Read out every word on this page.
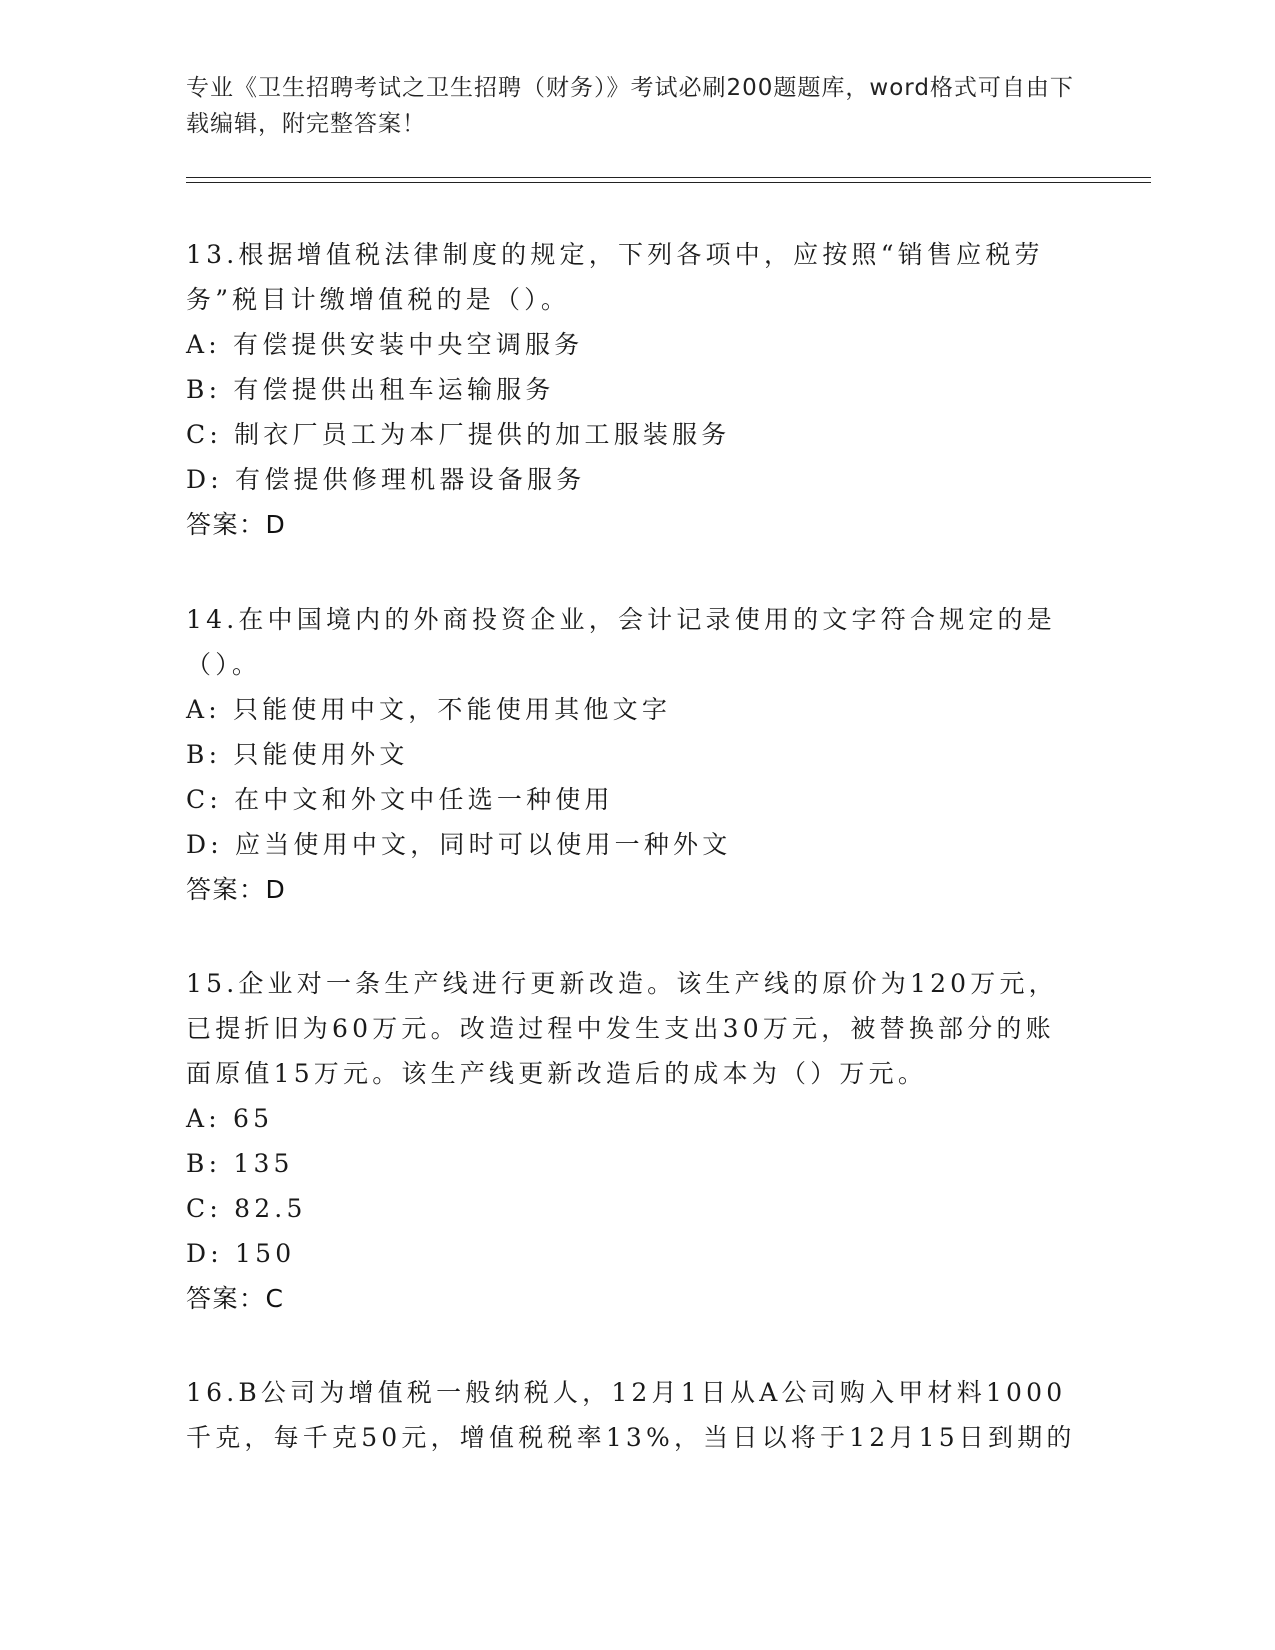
专业《卫生招聘考试之卫生招聘（财务）》考试必刷200题题库，word格式可自由下载编辑，附完整答案！

13.根据增值税法律制度的规定，下列各项中，应按照“销售应税劳务”税目计缴增值税的是（）。

A: 有偿提供安装中央空调服务

B: 有偿提供出租车运输服务

C: 制衣厂员工为本厂提供的加工服装服务

D: 有偿提供修理机器设备服务

答案：D

14.在中国境内的外商投资企业，会计记录使用的文字符合规定的是（）。

A: 只能使用中文，不能使用其他文字

B: 只能使用外文

C: 在中文和外文中任选一种使用

D: 应当使用中文，同时可以使用一种外文

答案：D

15.企业对一条生产线进行更新改造。该生产线的原价为120万元，已提折旧为60万元。改造过程中发生支出30万元，被替换部分的账面原值15万元。该生产线更新改造后的成本为（）万元。

A: 65

B: 135

C: 82.5

D: 150

答案：C

16.B公司为增值税一般纳税人，12月1日从A公司购入甲材料1000千克，每千克50元，增值税税率13%，当日以将于12月15日到期的
